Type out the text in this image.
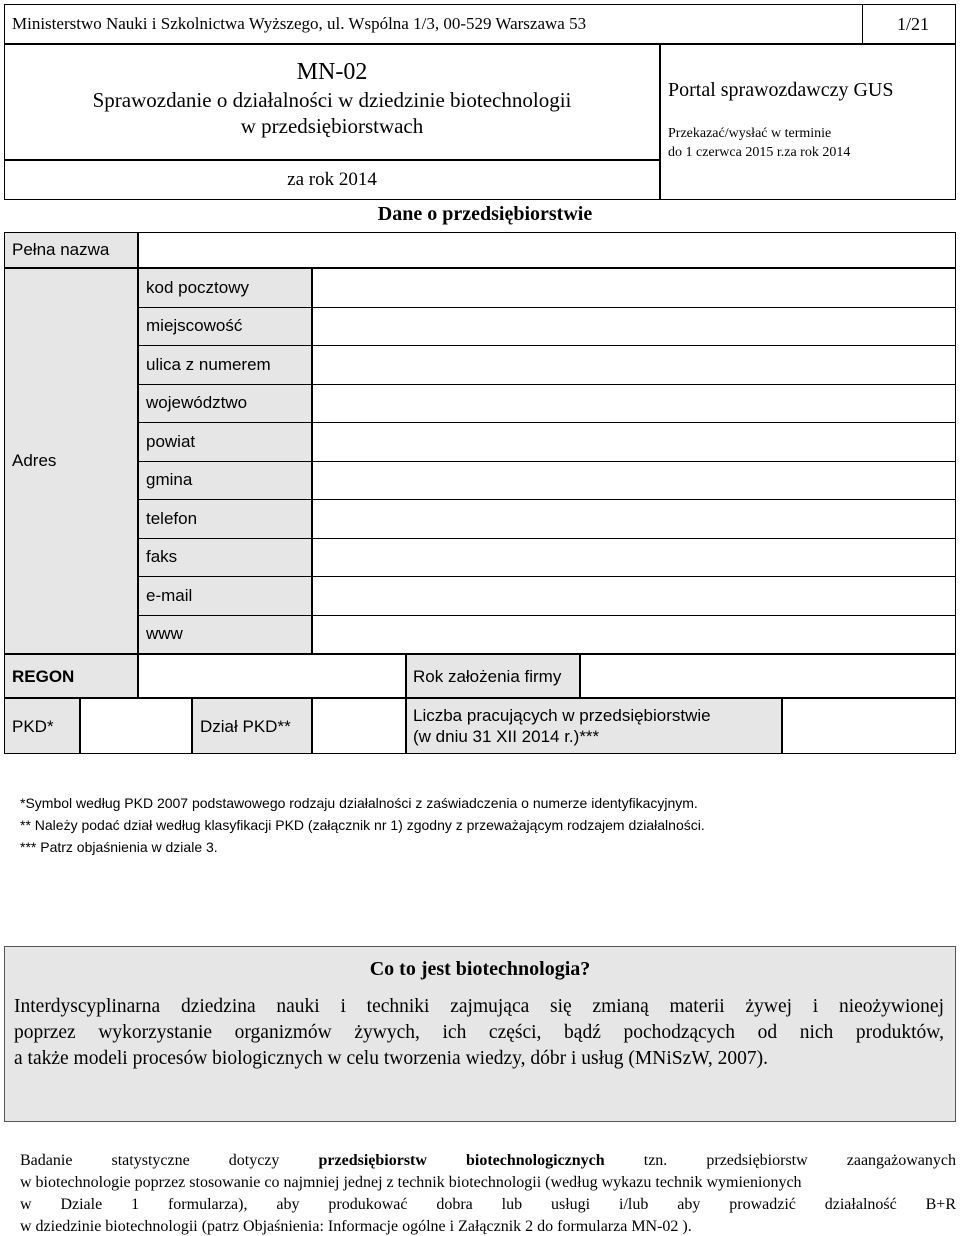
Ministerstwo Nauki i Szkolnictwa Wyższego, ul. Wspólna 1/3, 00-529 Warszawa 53	1/21
MN-02
Sprawozdanie o działalności w dziedzinie biotechnologii
w przedsiębiorstwach
za rok 2014
Portal sprawozdawczy GUS
Przekazać/wysłać w terminie
do 1 czerwca 2015 r.za rok 2014
Dane o przedsiębiorstwie
Pełna nazwa
Adres
kod pocztowy
miejscowość
ulica z numerem
województwo
powiat
gmina
telefon
faks
e-mail
www
REGON	Rok założenia firmy
PKD*	Dział PKD**
Liczba pracujących w przedsiębiorstwie
(w dniu 31 XII 2014 r.)***
*Symbol według PKD 2007 podstawowego rodzaju działalności z zaświadczenia o numerze identyfikacyjnym.
** Należy podać dział według klasyfikacji PKD (załącznik nr 1) zgodny z przeważającym rodzajem działalności.
*** Patrz objaśnienia w dziale 3.
Co to jest biotechnologia?
Interdyscyplinarna dziedzina nauki i techniki zajmująca się zmianą materii żywej i nieożywionej
poprzez wykorzystanie organizmów żywych, ich części, bądź pochodzących od nich produktów,
a także modeli procesów biologicznych w celu tworzenia wiedzy, dóbr i usług (MNiSzW, 2007).
Badanie statystyczne dotyczy przedsiębiorstw biotechnologicznych tzn. przedsiębiorstw zaangażowanych
w biotechnologie poprzez stosowanie co najmniej jednej z technik biotechnologii (według wykazu technik wymienionych
w Dziale 1 formularza), aby produkować dobra lub usługi i/lub aby prowadzić działalność B+R
w dziedzinie biotechnologii (patrz Objaśnienia: Informacje ogólne i Załącznik 2 do formularza MN-02 ).
